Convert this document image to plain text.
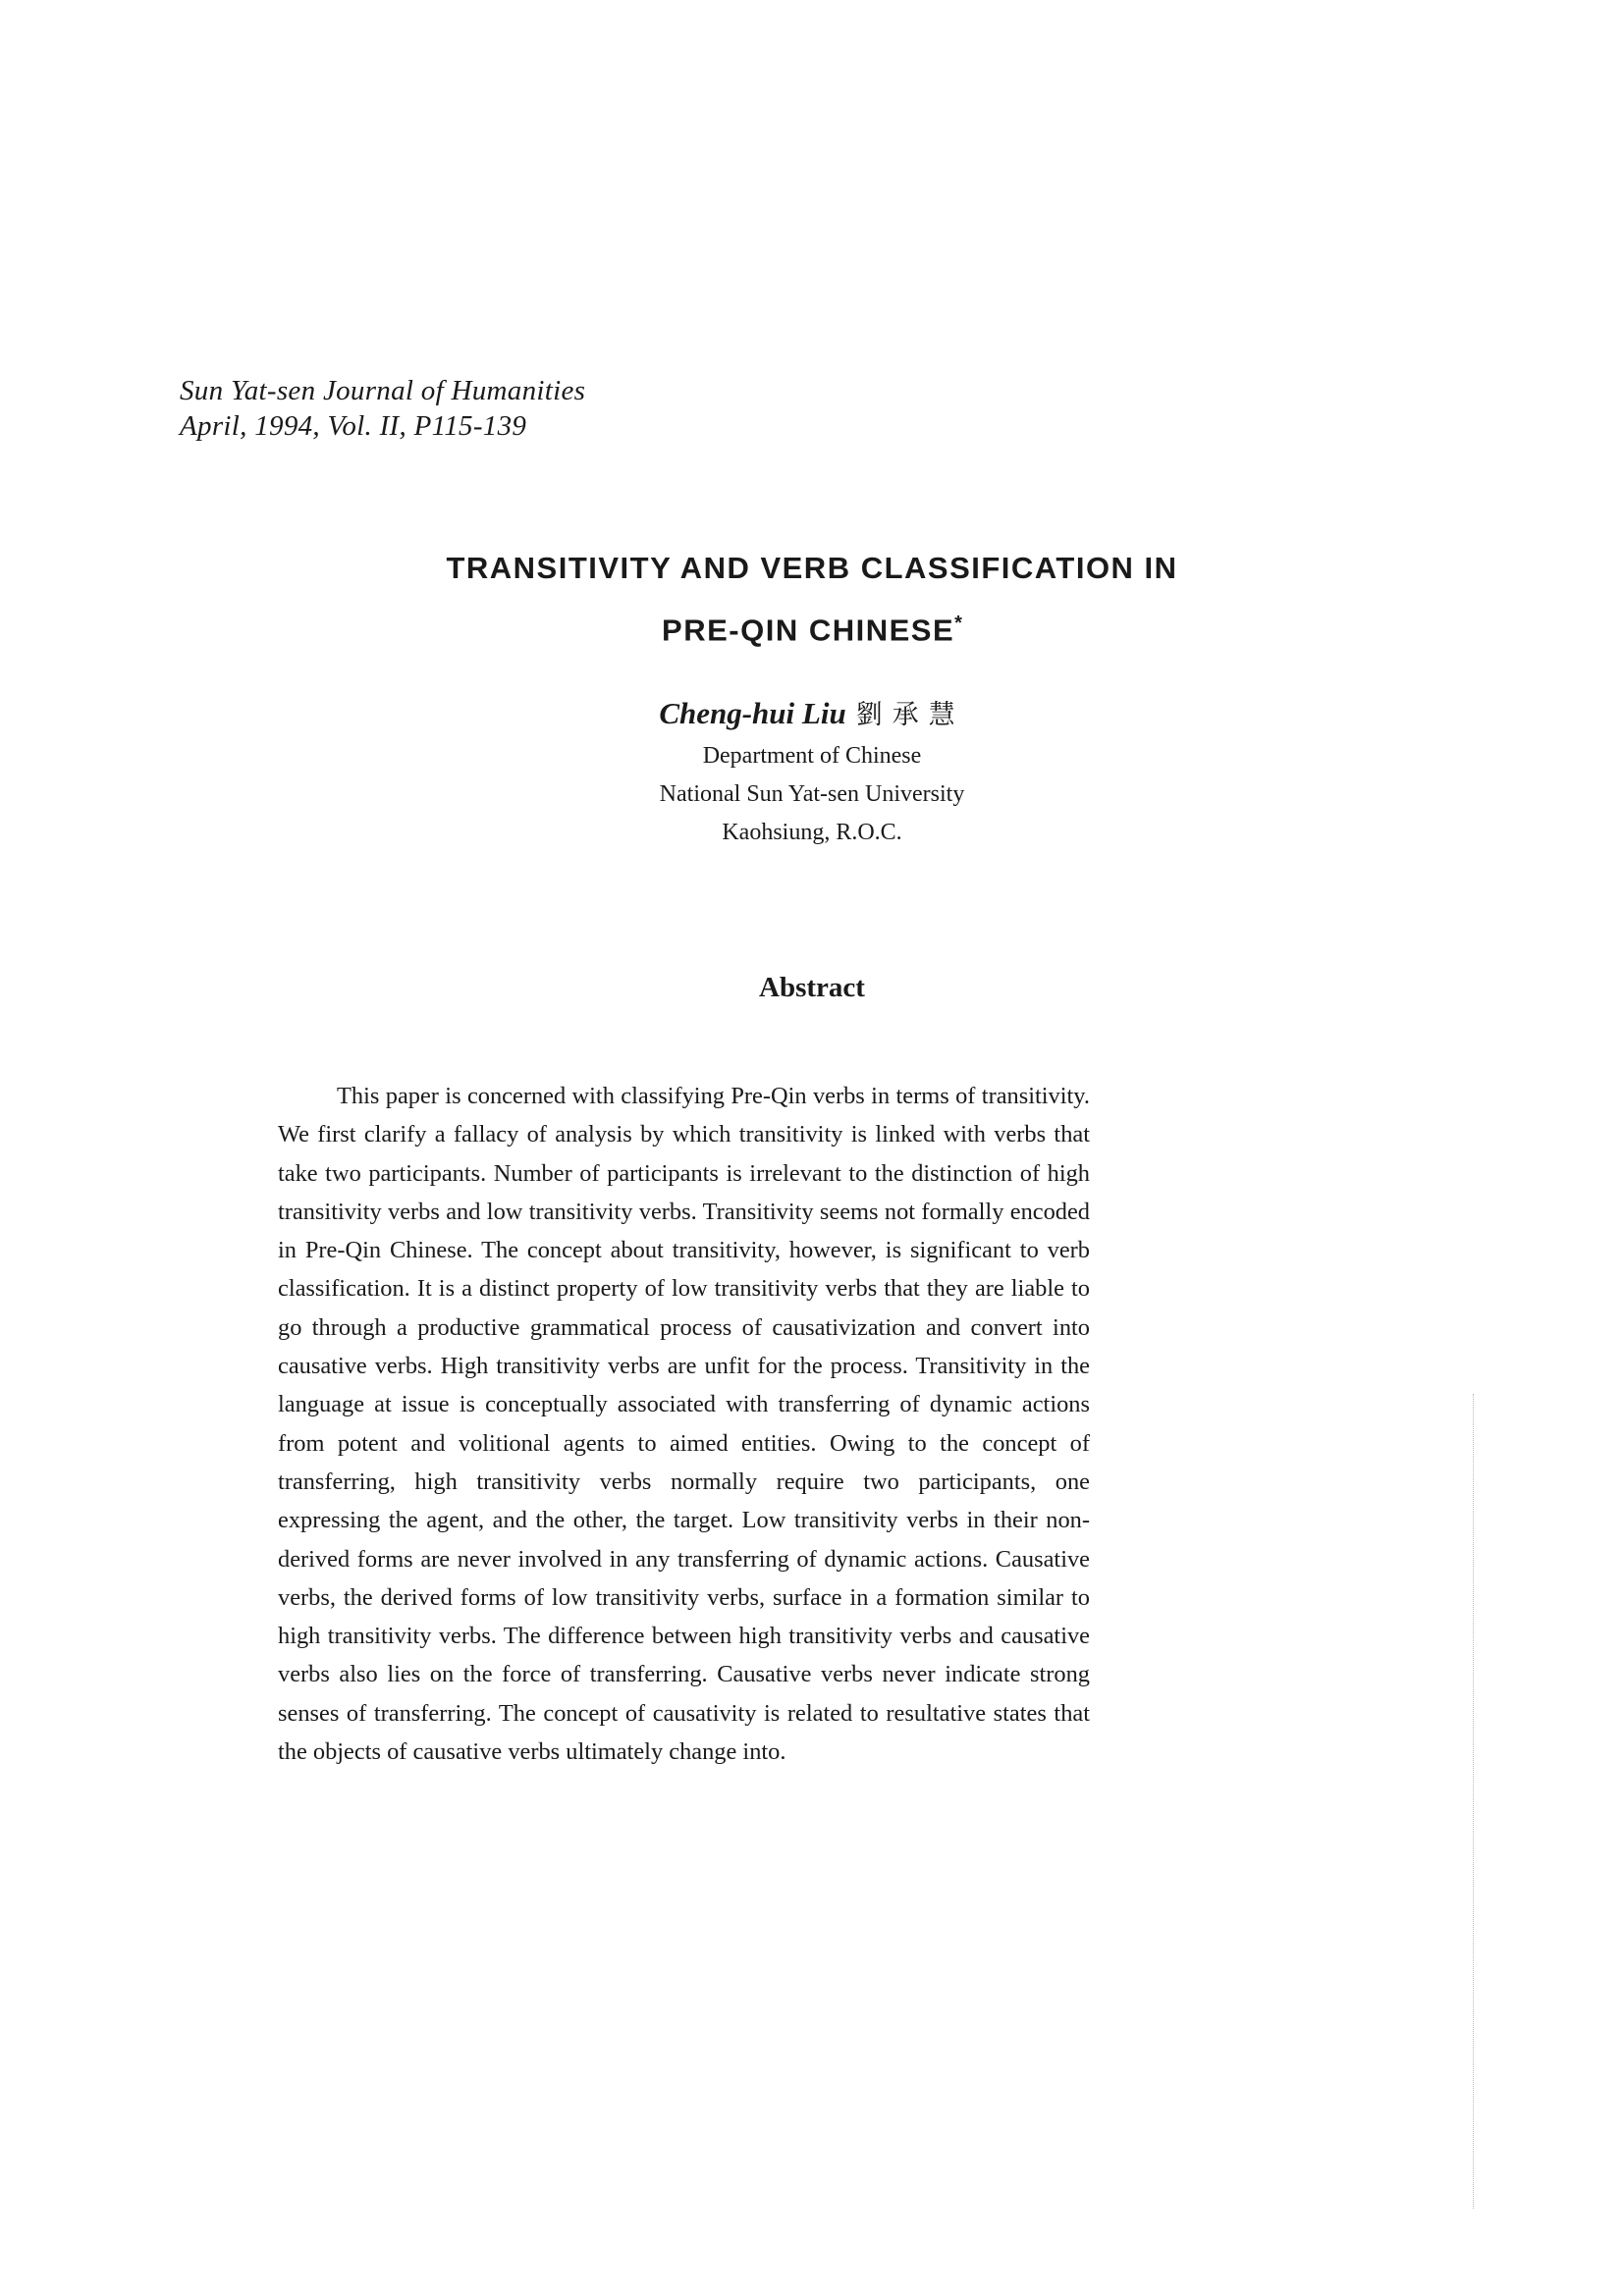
Sun Yat-sen Journal of Humanities
April, 1994, Vol. II, P115-139
TRANSITIVITY AND VERB CLASSIFICATION IN
PRE-QIN CHINESE*
Cheng-hui Liu 劉承慧
Department of Chinese
National Sun Yat-sen University
Kaohsiung, R.O.C.
Abstract

This paper is concerned with classifying Pre-Qin verbs in terms of transitivity. We first clarify a fallacy of analysis by which transitivity is linked with verbs that take two participants. Number of participants is irrelevant to the distinction of high transitivity verbs and low transitivity verbs. Transitivity seems not formally encoded in Pre-Qin Chinese. The concept about transitivity, however, is significant to verb classification. It is a distinct property of low transitivity verbs that they are liable to go through a productive grammatical process of causativization and convert into causative verbs. High transitivity verbs are unfit for the process. Transitivity in the language at issue is conceptually associated with transferring of dynamic actions from potent and volitional agents to aimed entities. Owing to the concept of transferring, high transitivity verbs normally require two participants, one expressing the agent, and the other, the target. Low transitivity verbs in their non-derived forms are never involved in any transferring of dynamic actions. Causative verbs, the derived forms of low transitivity verbs, surface in a formation similar to high transitivity verbs. The difference between high transitivity verbs and causative verbs also lies on the force of transferring. Causative verbs never indicate strong senses of transferring. The concept of causativity is related to resultative states that the objects of causative verbs ultimately change into.
